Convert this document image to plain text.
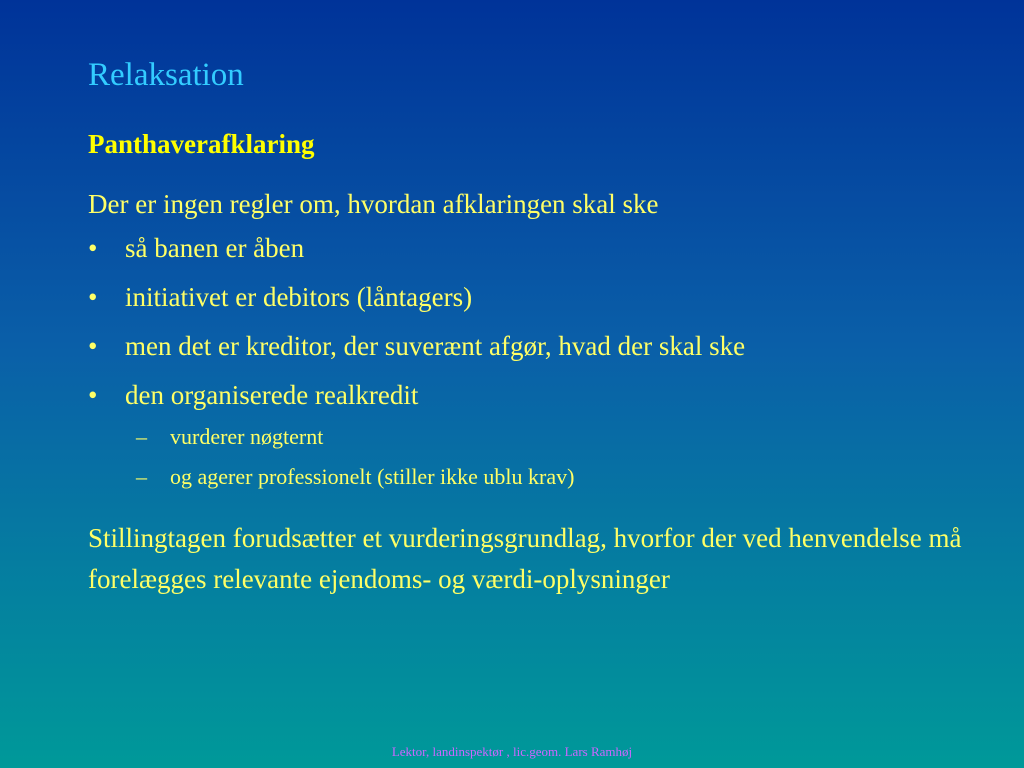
Relaksation
Panthaverafklaring

Der er ingen regler om, hvordan afklaringen skal ske

• så banen er åben
• initiativet er debitors (låntagers)
• men det er kreditor, der suverænt afgør, hvad der skal ske
• den organiserede realkredit
– vurderer nøgternt
– og agerer professionelt (stiller ikke ublu krav)

Stillingtagen forudsætter et vurderingsgrundlag, hvorfor der ved henvendelse må forelægges relevante ejendoms- og værdi-oplysninger

Lektor, landinspektør , lic.geom. Lars Ramhøj
